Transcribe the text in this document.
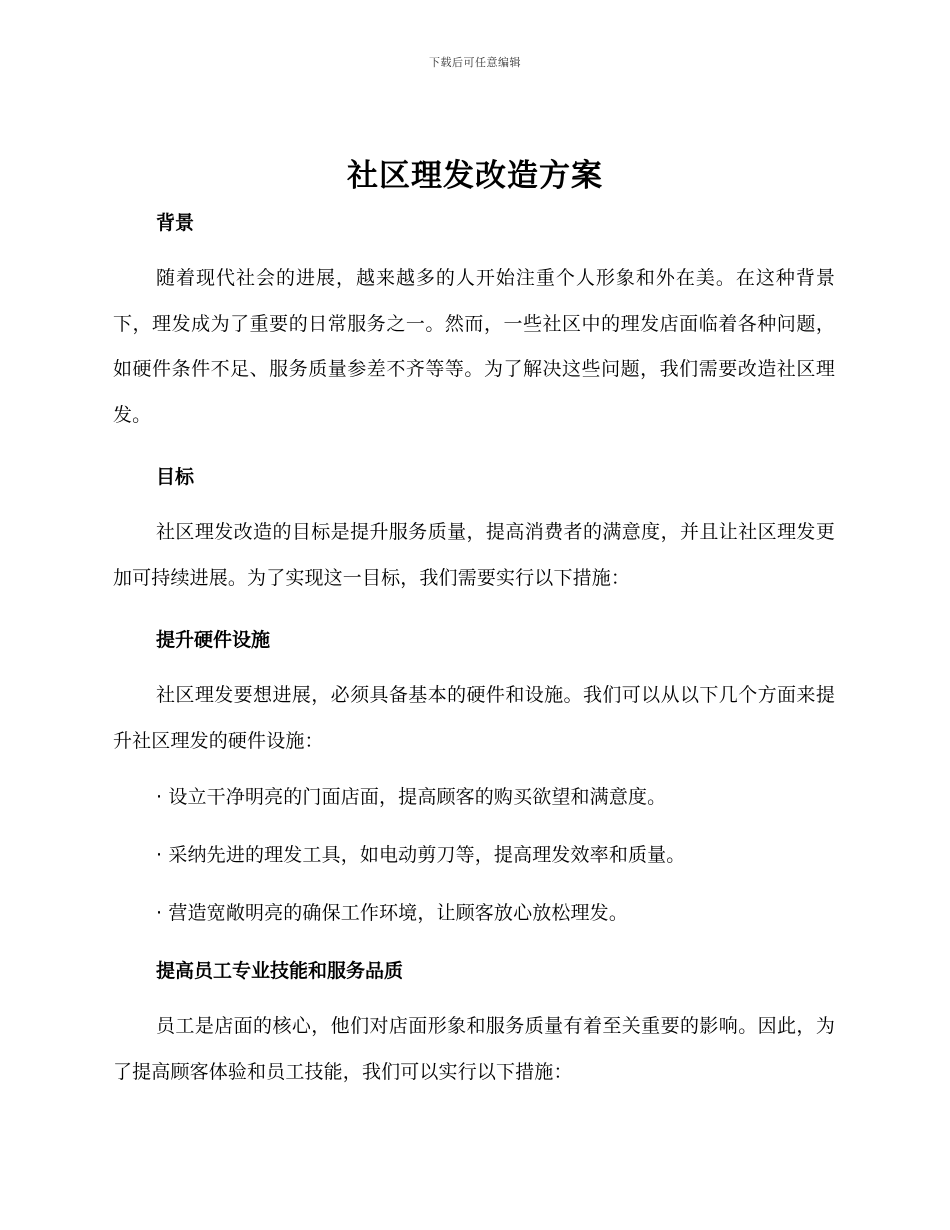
下载后可任意编辑
社区理发改造方案
背景

随着现代社会的进展，越来越多的人开始注重个人形象和外在美。在这种背景下，理发成为了重要的日常服务之一。然而，一些社区中的理发店面临着各种问题，如硬件条件不足、服务质量参差不齐等等。为了解决这些问题，我们需要改造社区理发。

目标

社区理发改造的目标是提升服务质量，提高消费者的满意度，并且让社区理发更加可持续进展。为了实现这一目标，我们需要实行以下措施：

提升硬件设施

社区理发要想进展，必须具备基本的硬件和设施。我们可以从以下几个方面来提升社区理发的硬件设施：

· 设立干净明亮的门面店面，提高顾客的购买欲望和满意度。

· 采纳先进的理发工具，如电动剪刀等，提高理发效率和质量。

· 营造宽敞明亮的确保工作环境，让顾客放心放松理发。

提高员工专业技能和服务品质

员工是店面的核心，他们对店面形象和服务质量有着至关重要的影响。因此，为了提高顾客体验和员工技能，我们可以实行以下措施：
